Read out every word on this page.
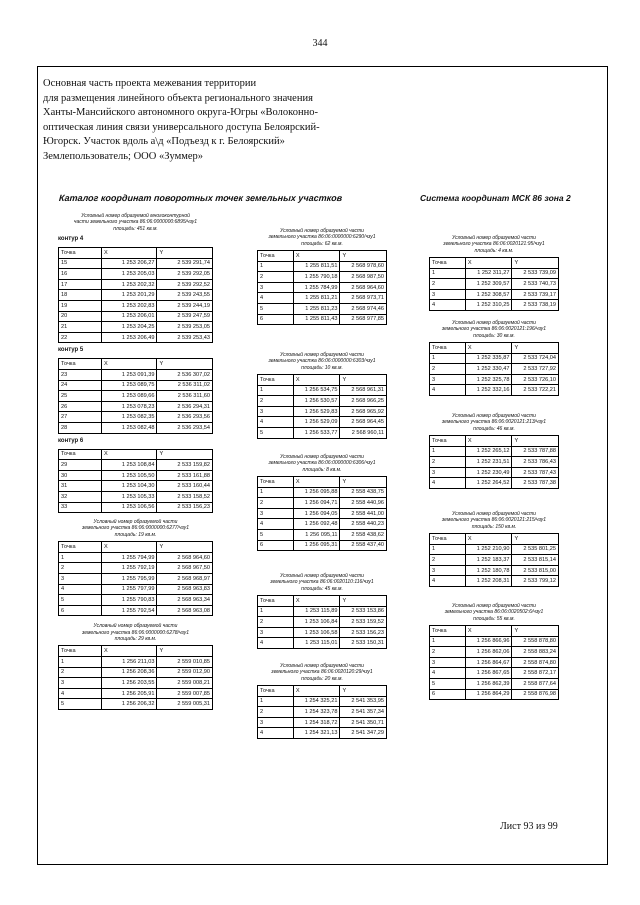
344
Основная часть проекта межевания территории
для размещения линейного объекта регионального значения
Ханты-Мансийского автономного округа-Югры «Волоконно-
оптическая линия связи универсального доступа Белоярский-
Югорск. Участок вдоль а\д «Подъезд к г. Белоярский»
Землепользователь; ООО «Зуммер»
Каталог координат поворотных точек земельных участков	Система координат МСК 86 зона 2
Условный номер образуемой многоконтурной
части земельного участка 86:06:0000000:6895/чзу1
площадь: 451 кв.м.
контур 4
Точка	X	Y
15	1 253 206,27	2 539 291,74
16	1 253 205,03	2 539 292,05
17	1 253 202,32	2 539 292,52
18	1 253 201,29	2 539 243,55
19	1 253 202,83	2 539 244,19
20	1 253 206,01	2 539 247,59
21	1 253 204,25	2 539 253,05
22	1 253 206,49	2 539 253,43
контур 5
Точка	X	Y
23	1 253 091,39	2 536 307,02
24	1 253 089,75	2 536 311,02
25	1 253 089,66	2 536 311,60
26	1 253 078,23	2 536 294,31
27	1 253 082,35	2 536 293,56
28	1 253 082,48	2 536 293,54
контур 6
Точка	X	Y
29	1 253 108,84	2 533 159,82
30	1 253 105,50	2 533 161,88
31	1 253 104,30	2 533 160,44
32	1 253 105,33	2 533 158,52
33	1 253 106,56	2 533 156,23
Условный номер образуемой части
земельного участка 86:06:0000000:6277/чзу1
площадь: 19 кв.м.
Точка	X	Y
1	1 255 794,99	2 568 964,60
2	1 255 792,19	2 568 967,50
3	1 255 795,99	2 568 968,97
4	1 255 797,99	2 568 963,83
5	1 255 790,83	2 568 963,34
6	1 255 792,54	2 568 963,08
Условный номер образуемой части
земельного участка 86:06:0000000:6278/чзу1
площадь: 29 кв.м.
Точка	X	Y
1	1 256 211,03	2 559 010,85
2	1 256 208,36	2 559 012,90
3	1 256 203,55	2 559 008,21
4	1 256 205,91	2 559 007,85
5	1 256 206,32	2 559 005,31
Условный номер образуемой части
земельного участка 86:06:0000000:6290/чзу1
площадь: 62 кв.м.
Точка	X	Y
1	1 255 811,51	2 568 978,60
2	1 255 790,18	2 568 987,50
3	1 255 784,99	2 568 964,60
4	1 255 811,21	2 568 973,71
5	1 255 811,23	2 568 974,46
6	1 255 811,43	2 568 977,85
Условный номер образуемой части
земельного участка 86:06:0000000:6303/чзу1
площадь: 10 кв.м.
Точка	X	Y
1	1 256 534,75	2 568 961,31
2	1 256 530,57	2 568 966,25
3	1 256 529,83	2 568 965,92
4	1 256 529,09	2 568 964,45
5	1 256 533,77	2 568 960,11
Условный номер образуемой части
земельного участка 86:06:0000000:6306/чзу1
площадь: 8 кв.м.
Точка	X	Y
1	1 256 095,88	2 558 438,75
2	1 256 094,71	2 558 440,96
3	1 256 094,05	2 558 441,00
4	1 256 092,48	2 558 440,23
5	1 256 095,11	2 558 438,62
6	1 256 095,31	2 558 437,40
Условный номер образуемой части
земельного участка 86:06:0020110:116/чзу1
площадь: 45 кв.м.
Точка	X	Y
1	1 253 115,89	2 533 153,86
2	1 253 106,84	2 533 159,52
3	1 253 106,58	2 533 156,23
4	1 253 115,01	2 533 150,31
Условный номер образуемой части
земельного участка 86:06:0020120:29/чзу1
площадь: 20 кв.м.
Точка	X	Y
1	1 254 325,21	2 541 353,95
2	1 254 323,78	2 541 357,34
3	1 254 318,72	2 541 350,71
4	1 254 321,13	2 541 347,29
Условный номер образуемой части
земельного участка 86:06:0020121:95/чзу1
площадь: 4 кв.м.
Точка	X	Y
1	1 252 311,27	2 533 739,09
2	1 252 309,57	2 533 740,73
3	1 252 308,57	2 533 739,17
4	1 252 310,25	2 533 738,19
Условный номер образуемой части
земельного участка 86:06:0020121:196/чзу1
площадь: 30 кв.м.
Точка	X	Y
1	1 252 335,87	2 533 724,04
2	1 252 330,47	2 533 727,92
3	1 252 325,78	2 533 726,10
4	1 252 332,16	2 533 722,21
Условный номер образуемой части
земельного участка 86:06:0020121:213/чзу1
площадь: 46 кв.м.
Точка	X	Y
1	1 252 265,12	2 533 787,88
2	1 252 231,51	2 533 786,43
3	1 252 230,49	2 533 787,43
4	1 252 264,52	2 533 787,38
Условный номер образуемой части
земельного участка 86:06:0020121:215/чзу1
площадь: 150 кв.м.
Точка	X	Y
1	1 252 210,90	2 535 801,25
2	1 252 183,37	2 533 815,14
3	1 252 180,78	2 533 815,00
4	1 252 208,31	2 533 799,12
Условный номер образуемой части
земельного участка 86:06:0020502:6/чзу1
площадь: 55 кв.м.
Точка	X	Y
1	1 256 866,96	2 558 878,80
2	1 256 862,06	2 558 883,24
3	1 256 864,67	2 558 874,80
4	1 256 867,65	2 558 872,17
5	1 256 862,39	2 558 877,64
6	1 256 864,29	2 558 876,98
Лист 93 из 99
